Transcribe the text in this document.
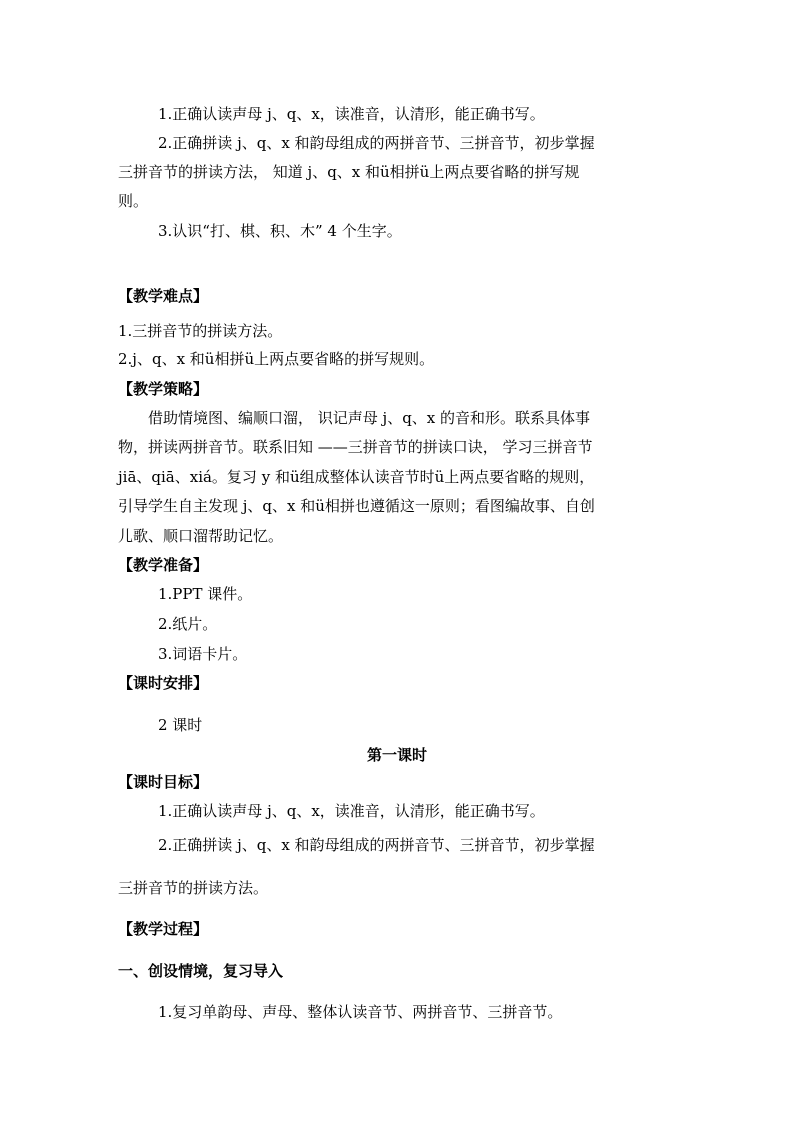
1.正确认读声母 j、q、x，读准音，认清形，能正确书写。
2.正确拼读 j、q、x 和韵母组成的两拼音节、三拼音节，初步掌握
三拼音节的拼读方法， 知道 j、q、x 和ü相拼ü上两点要省略的拼写规
则。
3.认识“打、棋、积、木” 4 个生字。
【教学难点】
1.三拼音节的拼读方法。
2.j、q、x 和ü相拼ü上两点要省略的拼写规则。
【教学策略】
借助情境图、编顺口溜， 识记声母 j、q、x 的音和形。联系具体事
物，拼读两拼音节。联系旧知 ——三拼音节的拼读口诀， 学习三拼音节
jiā、qiā、xiá。复习 y 和ü组成整体认读音节时ü上两点要省略的规则，
引导学生自主发现 j、q、x 和ü相拼也遵循这一原则；看图编故事、自创
儿歌、顺口溜帮助记忆。
【教学准备】
1.PPT 课件。
2.纸片。
3.词语卡片。
【课时安排】
2 课时
第一课时
【课时目标】
1.正确认读声母 j、q、x，读准音，认清形，能正确书写。
2.正确拼读 j、q、x 和韵母组成的两拼音节、三拼音节，初步掌握
三拼音节的拼读方法。
【教学过程】
一、创设情境，复习导入
1.复习单韵母、声母、整体认读音节、两拼音节、三拼音节。
